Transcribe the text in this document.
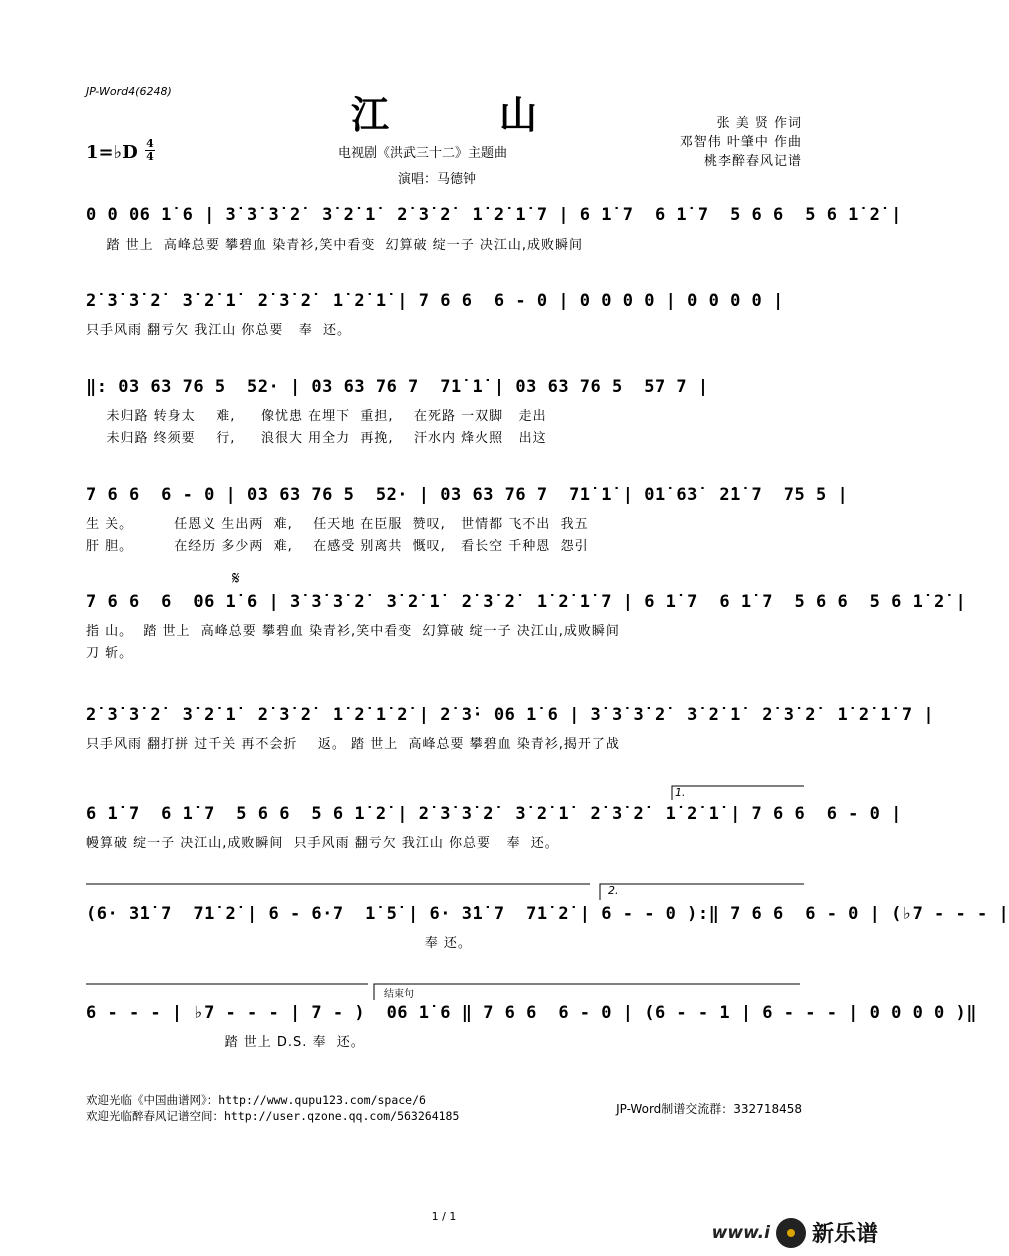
JP-Word4(6248)
江山
1=♭D 4
4	电视剧《洪武三十二》主题曲
演唱：马德钟
张 美 贤 作词
邓智伟 叶肇中 作曲
桃李醉春风记谱
0 0 06 1̇ 6 | 3̇ 3̇ 3̇ 2̇  3̇ 2̇ 1̇  2̇ 3̇ 2̇  1̇ 2̇ 1̇ 7 | 6 1̇ 7  6 1̇ 7  5 6 6  5 6 1̇ 2̇ |
踏 世上  高峰总要 攀碧血 染青衫,笑中看变  幻算破 绽一子 决江山,成败瞬间
2̇ 3̇ 3̇ 2̇  3̇ 2̇ 1̇  2̇ 3̇ 2̇  1̇ 2̇ 1̇ | 7 6 6  6 - 0 | 0 0 0 0 | 0 0 0 0 |
只手风雨 翻亏欠 我江山 你总要   奉  还。
‖: 03 63 76 5  52· | 03 63 76 7  71̇ 1̇ | 03 63 76 5  57 7 |
未归路 转身太    难,     像忧患 在埋下  重担,    在死路 一双脚   走出
未归路 终须要    行,     浪很大 用全力  再挽,    汗水内 烽火照   出这
7 6 6  6 - 0 | 03 63 76 5  52· | 03 63 76 7  71̇ 1̇ | 01̇ 63̇  2̇1̇ 7  75 5 |
生 关。        任恩义 生出两  难,    任天地 在臣服  赞叹,   世情都 飞不出  我五
肝 胆。        在经历 多少两  难,    在感受 别离共  慨叹,   看长空 千种恩  怨引
𝄋
7 6 6  6  06 1̇ 6 | 3̇ 3̇ 3̇ 2̇  3̇ 2̇ 1̇  2̇ 3̇ 2̇  1̇ 2̇ 1̇ 7 | 6 1̇ 7  6 1̇ 7  5 6 6  5 6 1̇ 2̇ |
指 山。  踏 世上  高峰总要 攀碧血 染青衫,笑中看变  幻算破 绽一子 决江山,成败瞬间
刀 斩。
2̇ 3̇ 3̇ 2̇  3̇ 2̇ 1̇  2̇ 3̇ 2̇  1̇ 2̇ 1̇ 2̇ | 2̇ 3̇· 06 1̇ 6 | 3̇ 3̇ 3̇ 2̇  3̇ 2̇ 1̇  2̇ 3̇ 2̇  1̇ 2̇ 1̇ 7 |
只手风雨 翻打拼 过千关 再不会折    返。 踏 世上  高峰总要 攀碧血 染青衫,揭开了战
1.
6 1̇ 7  6 1̇ 7  5 6 6  5 6 1̇ 2̇ | 2̇ 3̇ 3̇ 2̇  3̇ 2̇ 1̇  2̇ 3̇ 2̇  1̇ 2̇ 1̇ | 7 6 6  6 - 0 |
幔算破 绽一子 决江山,成败瞬间  只手风雨 翻亏欠 我江山 你总要   奉  还。
2.
(6· 3̇1̇ 7  71̇ 2̇ | 6 - 6·7  1̇ 5̇ | 6· 3̇1̇ 7  71̇ 2̇ | 6 - - 0 ):‖ 7 6 6  6 - 0 | (♭7 - - - |
奉 还。
结束句
6 - - - | ♭7 - - - | 7 - )  06 1̇ 6 ‖ 7 6 6  6 - 0 | (6 - - 1 | 6 - - - | 0 0 0 0 )‖
踏 世上 D.S. 奉  还。
欢迎光临《中国曲谱网》：http://www.qupu123.com/space/6
欢迎光临醉春风记谱空间：http://user.qzone.qq.com/563264185	JP-Word制谱交流群：332718458
1 / 1
www.i 新乐谱
